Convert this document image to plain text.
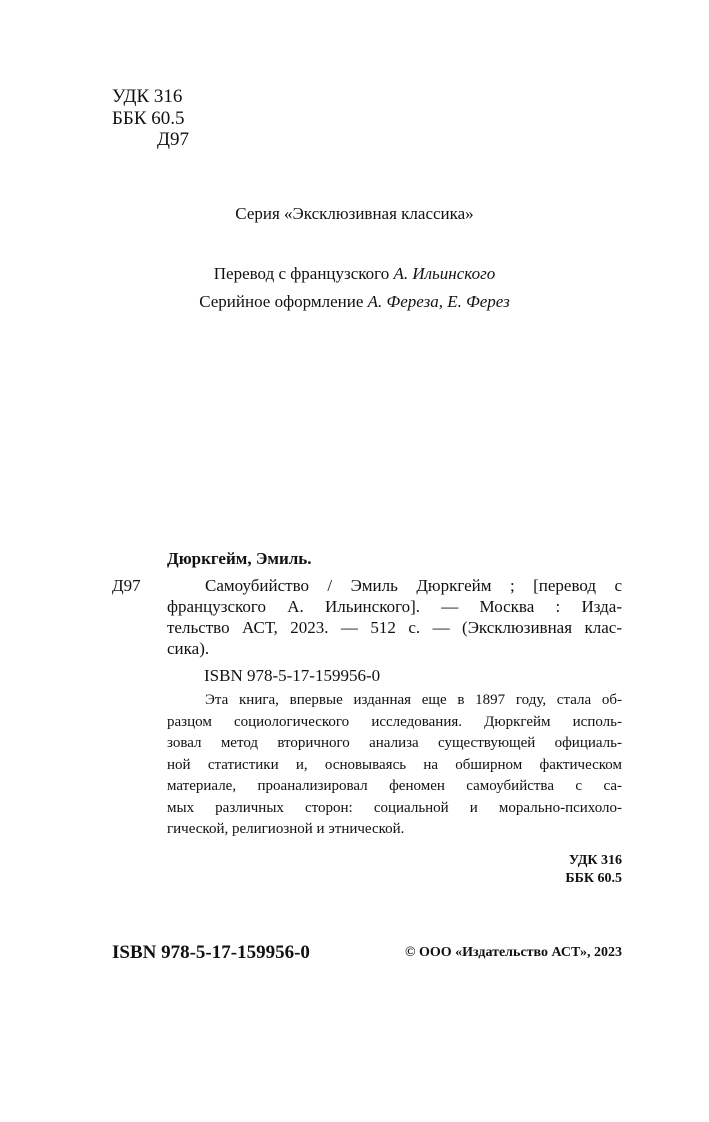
УДК 316
ББК 60.5
Д97
Серия «Эксклюзивная классика»
Перевод с французского А. Ильинского
Серийное оформление А. Фереза, Е. Ферез
Дюркгейм, Эмиль.
Д97	Самоубийство / Эмиль Дюркгейм ; [перевод с
французского А. Ильинского]. — Москва : Изда-
тельство АСТ, 2023. — 512 с. — (Эксклюзивная клас-
сика).
ISBN 978-5-17-159956-0
Эта книга, впервые изданная еще в 1897 году, стала об-
разцом социологического исследования. Дюркгейм исполь-
зовал метод вторичного анализа существующей официаль-
ной статистики и, основываясь на обширном фактическом
материале, проанализировал феномен самоубийства с са-
мых различных сторон: социальной и морально-психоло-
гической, религиозной и этнической.
УДК 316
ББК 60.5
ISBN 978-5-17-159956-0	© ООО «Издательство АСТ», 2023
